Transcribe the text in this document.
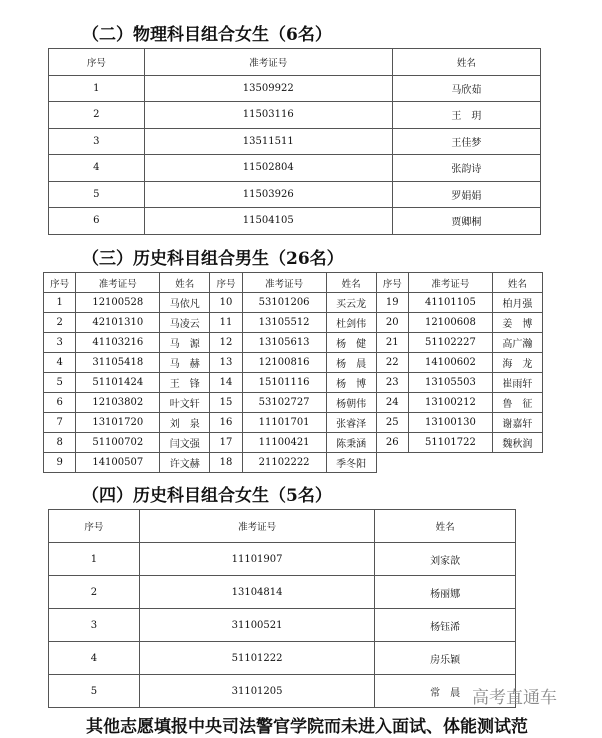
（二）物理科目组合女生（6名）
序号	准考证号	姓名
1	13509922	马欣茹
2	11503116	王　玥
3	13511511	王佳梦
4	11502804	张韵诗
5	11503926	罗娟娟
6	11504105	贾卿桐
（三）历史科目组合男生（26名）
序号	准考证号	姓名	序号	准考证号	姓名	序号	准考证号	姓名
1	12100528	马依凡	10	53101206	买云龙	19	41101105	柏月强
2	42101310	马凌云	11	13105512	杜剑伟	20	12100608	姜　博
3	41103216	马　源	12	13105613	杨　健	21	51102227	高广瀚
4	31105418	马　赫	13	12100816	杨　晨	22	14100602	海　龙
5	51101424	王　锋	14	15101116	杨　博	23	13105503	崔雨轩
6	12103802	叶文轩	15	53102727	杨朝伟	24	13100212	鲁　征
7	13101720	刘　泉	16	11101701	张睿泽	25	13100130	谢嘉轩
8	51100702	闫文强	17	11100421	陈秉涵	26	51101722	魏秋润
9	14100507	许文赫	18	21102222	季冬阳			
（四）历史科目组合女生（5名）
序号	准考证号	姓名
1	11101907	刘家歆
2	13104814	杨丽娜
3	31100521	杨钰浠
4	51101222	房乐颖
5	31101205	常　晨
其他志愿填报中央司法警官学院而未进入面试、体能测试范
高考直通车
